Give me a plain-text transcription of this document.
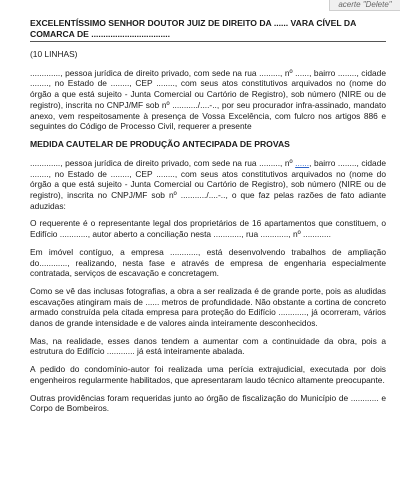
acerte "Delete"
EXCELENTÍSSIMO SENHOR DOUTOR JUIZ DE DIREITO DA ...... VARA CÍVEL DA COMARCA DE .................................
(10 LINHAS)

............., pessoa jurídica de direito privado, com sede na rua ........., nº ......, bairro ........, cidade ........, no Estado de ........, CEP ........, com seus atos constitutivos arquivados no (nome do órgão a que está sujeito - Junta Comercial ou Cartório de Registro), sob número (NIRE ou de registro), inscrita no CNPJ/MF sob nº .........../....-.., por seu procurador infra-assinado, mandato anexo, vem respeitosamente à presença de Vossa Excelência, com fulcro nos artigos 886 e seguintes do Código de Processo Civil, requerer a presente

MEDIDA CAUTELAR DE PRODUÇÃO ANTECIPADA DE PROVAS

............., pessoa jurídica de direito privado, com sede na rua ........., nº ......, bairro ........, cidade ........, no Estado de ........, CEP ........, com seus atos constitutivos arquivados no (nome do órgão a que está sujeito - Junta Comercial ou Cartório de Registro), sob número (NIRE ou de registro), inscrita no CNPJ/MF sob nº .........../....-.., o que faz pelas razões de fato adiante aduzidas:

O requerente é o representante legal dos proprietários de 16 apartamentos que constituem, o Edifício ............, autor aberto a conciliação nesta ............, rua ............, nº ............

Em imóvel contíguo, a empresa ............, está desenvolvendo trabalhos de ampliação do............, realizando, nesta fase e através de empresa de engenharia especialmente contratada, serviços de escavação e concretagem.

Como se vê das inclusas fotografias, a obra a ser realizada é de grande porte, pois as aludidas escavações atingiram mais de ...... metros de profundidade. Não obstante a cortina de concreto armado construída pela citada empresa para proteção do Edifício ............, já ocorreram, vários danos de grande intensidade e de valores ainda inteiramente desconhecidos.

Mas, na realidade, esses danos tendem a aumentar com a continuidade da obra, pois a estrutura do Edifício ............ já está inteiramente abalada.

A pedido do condomínio-autor foi realizada uma perícia extrajudicial, executada por dois engenheiros regularmente habilitados, que apresentaram laudo técnico altamente preocupante.

Outras providências foram requeridas junto ao órgão de fiscalização do Município de ............ e Corpo de Bombeiros.
